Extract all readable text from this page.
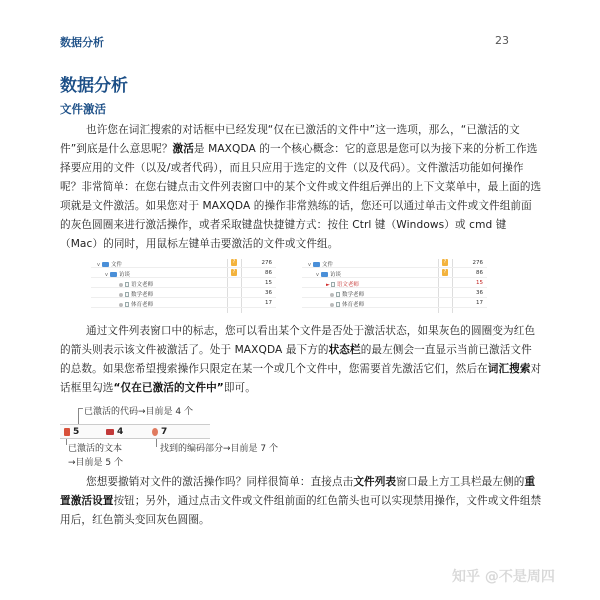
数据分析	23
数据分析
文件激活
也许您在词汇搜索的对话框中已经发现“仅在已激活的文件中”这一选项，那么，“已激活的文件”到底是什么意思呢？激活是 MAXQDA 的一个核心概念：它的意思是您可以为接下来的分析工作选择要应用的文件（以及/或者代码），而且只应用于选定的文件（以及代码）。文件激活功能如何操作呢？非常简单：在您右键点击文件列表窗口中的某个文件或文件组后弹出的上下文菜单中，最上面的选项就是文件激活。如果您对于 MAXQDA 的操作非常熟练的话，您还可以通过单击文件或文件组前面的灰色圆圈来进行激活操作，或者采取键盘快捷键方式：按住 Ctrl 键（Windows）或 cmd 键（Mac）的同时，用鼠标左键单击要激活的文件或文件组。
v 文件	?	276
v 访谈	?	86
语文老师	15
数学老师	36
体育老师	17
v 文件	?	276
v 访谈	?	86
► 语文老师	15
数学老师	36
体育老师	17
通过文件列表窗口中的标志，您可以看出某个文件是否处于激活状态，如果灰色的圆圈变为红色的箭头则表示该文件被激活了。处于 MAXQDA 最下方的状态栏的最左侧会一直显示当前已激活文件的总数。如果您希望搜索操作只限定在某一个或几个文件中，您需要首先激活它们，然后在词汇搜索对话框里勾选“仅在已激活的文件中”即可。
已激活的代码→目前是 4 个
5	4	7
已激活的文本
→目前是 5 个
找到的编码部分→目前是 7 个
您想要撤销对文件的激活操作吗？同样很简单：直接点击文件列表窗口最上方工具栏最左侧的重置激活设置按钮；另外，通过点击文件或文件组前面的红色箭头也可以实现禁用操作，文件或文件组禁用后，红色箭头变回灰色圆圈。
知乎 @不是周四
